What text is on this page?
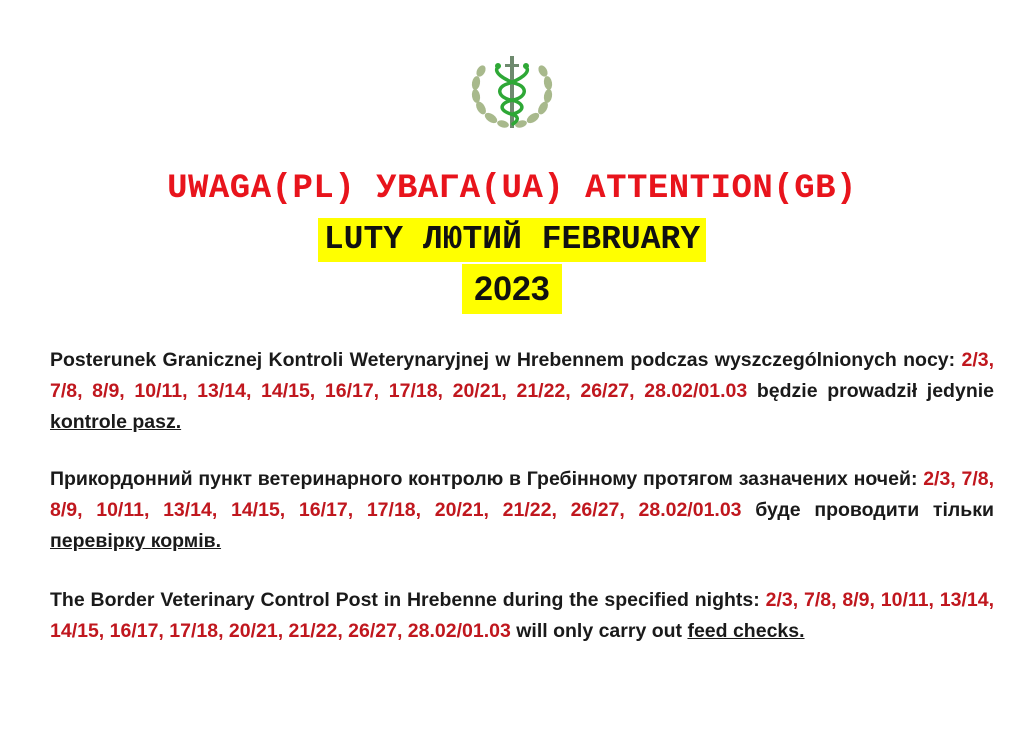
UWAGA(PL) УВАГА(UA) ATTENTION(GB)
LUTY ЛЮТИЙ FEBRUARY
2023

Posterunek Granicznej Kontroli Weterynaryjnej w Hrebennem podczas wyszczególnionych nocy: 2/3, 7/8, 8/9, 10/11, 13/14, 14/15, 16/17, 17/18, 20/21, 21/22, 26/27, 28.02/01.03 będzie prowadził jedynie kontrole pasz.

Прикордонний пункт ветеринарного контролю в Гребінному протягом зазначених ночей: 2/3, 7/8, 8/9, 10/11, 13/14, 14/15, 16/17, 17/18, 20/21, 21/22, 26/27, 28.02/01.03 буде проводити тільки перевірку кормів.

The Border Veterinary Control Post in Hrebenne during the specified nights: 2/3, 7/8, 8/9, 10/11, 13/14, 14/15, 16/17, 17/18, 20/21, 21/22, 26/27, 28.02/01.03 will only carry out feed checks.
